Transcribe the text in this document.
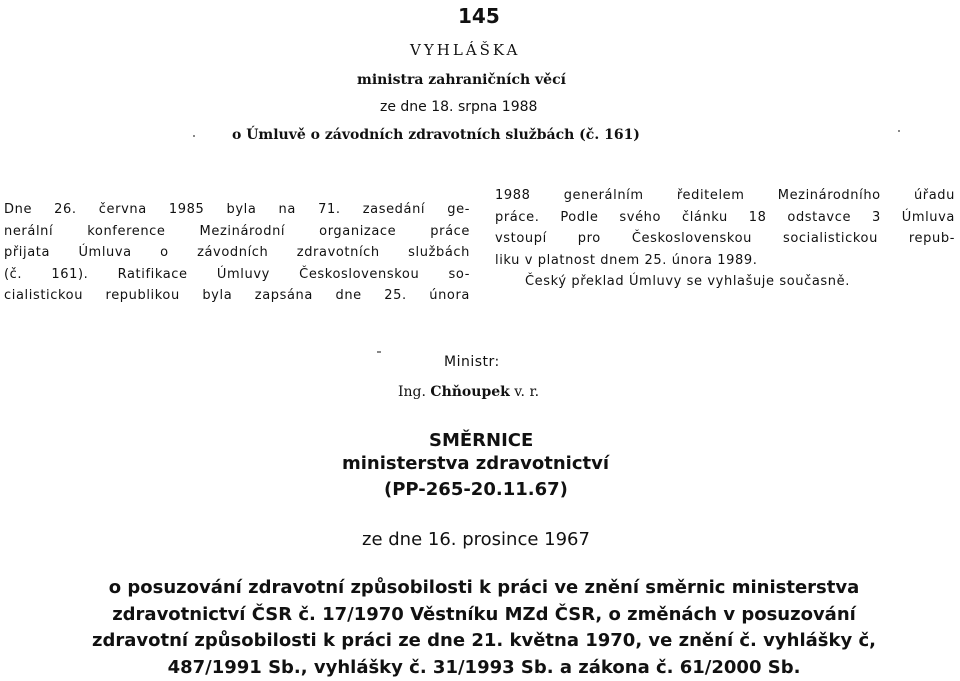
145
VYHLÁŠKA
ministra zahraničních věcí
ze dne 18. srpna 1988
o Úmluvě o závodních zdravotních službách (č. 161)
Dne 26. června 1985 byla na 71. zasedání ge-
nerální konference Mezinárodní organizace práce
přijata Úmluva o závodních zdravotních službách
(č. 161). Ratifikace Úmluvy Československou so-
cialistickou republikou byla zapsána dne 25. února
1988 generálním ředitelem Mezinárodního úřadu
práce. Podle svého článku 18 odstavce 3 Úmluva
vstoupí pro Československou socialistickou repub-
liku v platnost dnem 25. února 1989.
Český překlad Úmluvy se vyhlašuje současně.
Ministr:
Ing. Chňoupek v. r.
SMĚRNICE
ministerstva zdravotnictví
(PP-265-20.11.67)
ze dne 16. prosince 1967
o posuzování zdravotní způsobilosti k práci ve znění směrnic ministerstva
zdravotnictví ČSR č. 17/1970 Věstníku MZd ČSR, o změnách v posuzování
zdravotní způsobilosti k práci ze dne 21. května 1970, ve znění č. vyhlášky č,
487/1991 Sb., vyhlášky č. 31/1993 Sb. a zákona č. 61/2000 Sb.
